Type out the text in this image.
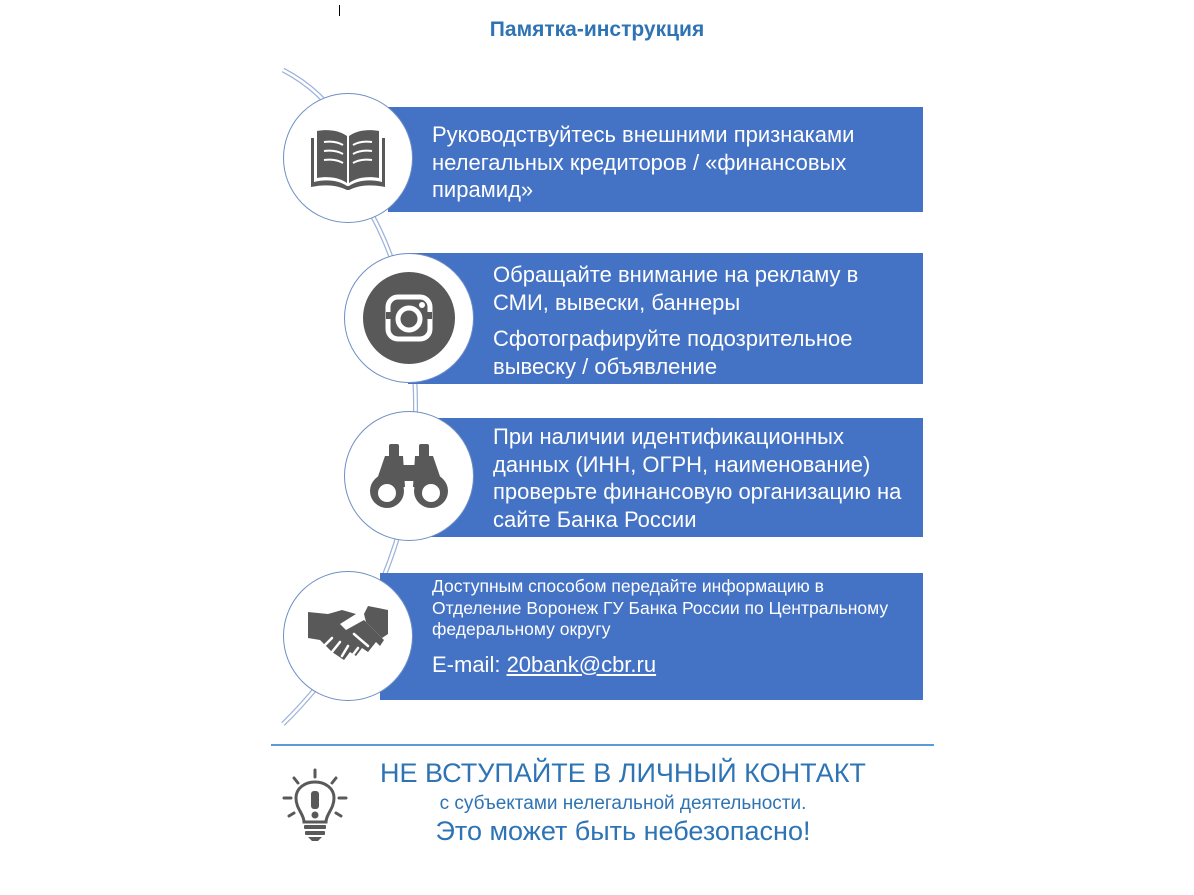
Памятка-инструкция

Руководствуйтесь внешними признаками нелегальных кредиторов / «финансовых пирамид»

Обращайте внимание на рекламу в СМИ, вывески, баннеры

Сфотографируйте подозрительное вывеску / объявление

При наличии идентификационных данных (ИНН, ОГРН, наименование) проверьте финансовую организацию на сайте Банка России

Доступным способом передайте информацию в Отделение Воронеж ГУ Банка России по Центральному федеральному округу

E-mail: 20bank@cbr.ru

НЕ ВСТУПАЙТЕ В ЛИЧНЫЙ КОНТАКТ
с субъектами нелегальной деятельности.
Это может быть небезопасно!
